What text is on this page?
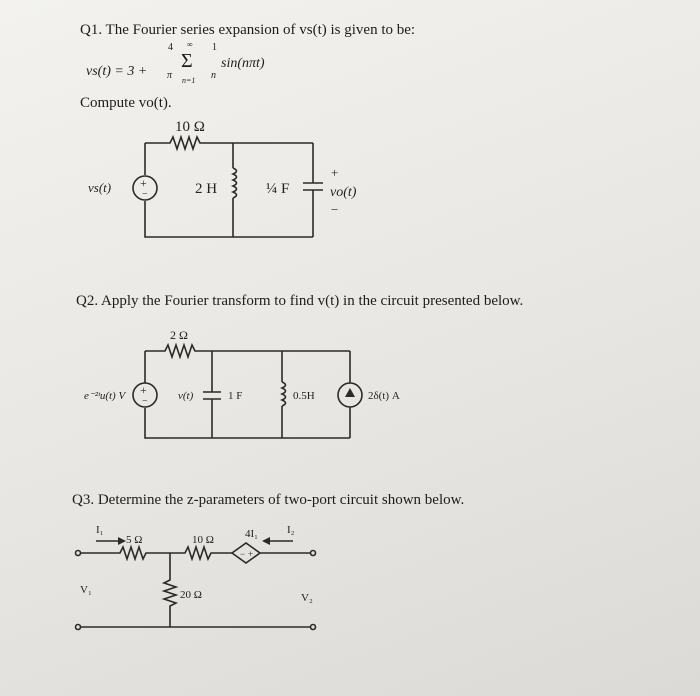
Q1. The Fourier series expansion of vs(t) is given to be:
vs(t) = 3 +
4
π
∞
Σ
n=1
1
n
sin(nπt)
Compute vo(t).
Q2. Apply the Fourier transform to find v(t) in the circuit presented below.
Q3. Determine the z-parameters of two-port circuit shown below.
+
−
+
−
− +
10 Ω
vs(t)	2 H	¼ F
+
vo(t)
−
2 Ω
e⁻²ᵗu(t) V	v(t)	1 F	0.5H	2δ(t) A
I₁	I₂
5 Ω	10 Ω
20 Ω
4I₁
V₁
V₂
